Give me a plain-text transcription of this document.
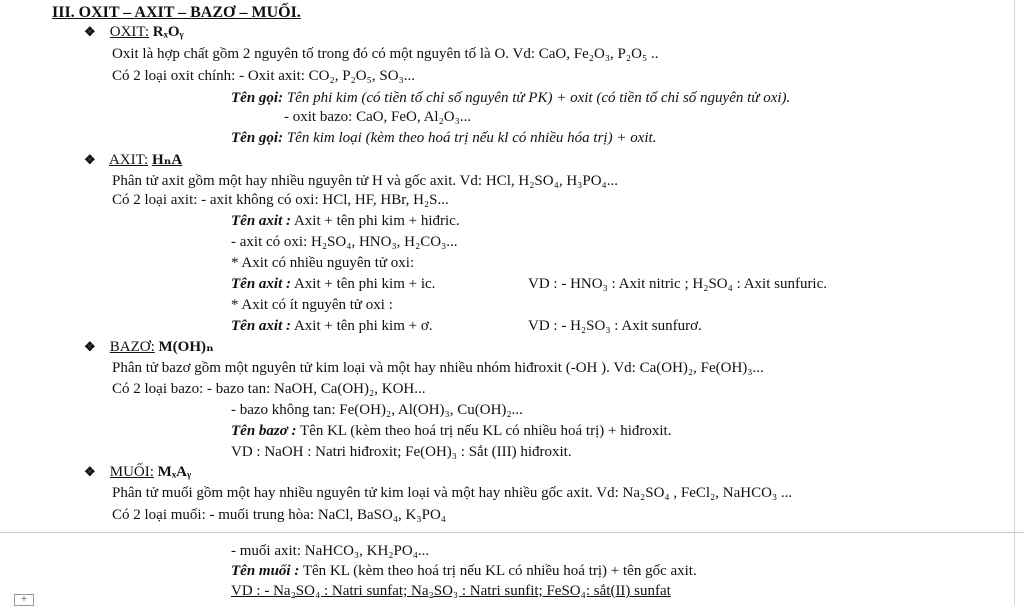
III. OXIT – AXIT – BAZƠ – MUỐI.
❖ OXIT: RₓOᵧ
Oxit là hợp chất gồm 2 nguyên tố trong đó có một nguyên tố là O. Vd: CaO, Fe₂O₃, P₂O₅ ..
Có 2 loại oxit chính: - Oxit axit: CO₂, P₂O₅, SO₃...
Tên gọi: Tên phi kim (có tiền tố chỉ số nguyên tử PK) + oxit (có tiền tố chỉ số nguyên tử oxi).
- oxit bazo: CaO, FeO, Al₂O₃...
Tên gọi: Tên kim loại (kèm theo hoá trị nếu kl có nhiều hóa trị) + oxit.
❖ AXIT: HₙA
Phân tử axit gồm một hay nhiều nguyên tử H và gốc axit. Vd: HCl, H₂SO₄, H₃PO₄...
Có 2 loại axit: - axit không có oxi: HCl, HF, HBr, H₂S...
Tên axit : Axit + tên phi kim + hiđric.
- axit có oxi: H₂SO₄, HNO₃, H₂CO₃...
* Axit có nhiều nguyên tử oxi:
Tên axit : Axit + tên phi kim + ic.	VD : - HNO₃ : Axit nitric ; H₂SO₄ : Axit sunfuric.
* Axit có ít nguyên tử oxi :
Tên axit : Axit + tên phi kim + ơ.	VD : - H₂SO₃ : Axit sunfurơ.
❖ BAZƠ: M(OH)ₙ
Phân tử bazơ gồm một nguyên tử kim loại và một hay nhiều nhóm hiđroxit (-OH ). Vd: Ca(OH)₂, Fe(OH)₃...
Có 2 loại bazo: - bazo tan: NaOH, Ca(OH)₂, KOH...
- bazo không tan: Fe(OH)₂, Al(OH)₃, Cu(OH)₂...
Tên bazơ : Tên KL (kèm theo hoá trị nếu KL có nhiều hoá trị) + hiđroxit.
VD : NaOH : Natri hiđroxit; Fe(OH)₃ : Sắt (III) hiđroxit.
❖ MUỐI: MₓAᵧ
Phân tử muối gồm một hay nhiều nguyên tử kim loại và một hay nhiều gốc axit. Vd: Na₂SO₄ , FeCl₂, NaHCO₃ ...
Có 2 loại muối: - muối trung hòa: NaCl, BaSO₄, K₃PO₄
- muối axit: NaHCO₃, KH₂PO₄...
Tên muối : Tên KL (kèm theo hoá trị nếu KL có nhiều hoá trị) + tên gốc axit.
VD : - Na₂SO₄ : Natri sunfat; Na₂SO₃ : Natri sunfit; FeSO₄: sắt(II) sunfat
+
